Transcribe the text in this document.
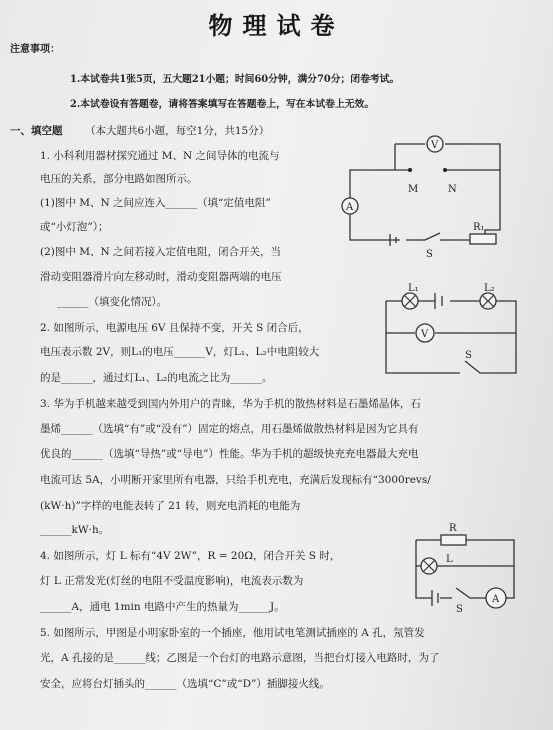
物理试卷
注意事项：
1.本试卷共1张5页，五大题21小题；时间60分钟，满分70分；闭卷考试。
2.本试卷设有答题卷，请将答案填写在答题卷上，写在本试卷上无效。
一、填空题 （本大题共6小题，每空1分，共15分）
1. 小科利用器材探究通过 M、N 之间导体的电流与
电压的关系，部分电路如图所示。
(1)图中 M、N 之间应连入______（填“定值电阻”
或“小灯泡”）；
(2)图中 M、N 之间若接入定值电阻，闭合开关，当
滑动变阻器滑片向左移动时，滑动变阻器两端的电压
______（填变化情况）。
2. 如图所示，电源电压 6V 且保持不变，开关 S 闭合后，
电压表示数 2V，则L₁的电压______V，灯L₁、L₂中电阻较大
的是______，通过灯L₁、L₂的电流之比为______。
3. 华为手机越来越受到国内外用户的青睐，华为手机的散热材料是石墨烯晶体，石
墨烯______（选填“有”或“没有”）固定的熔点，用石墨烯做散热材料是因为它具有
优良的______（选填“导热”或“导电”）性能。华为手机的超级快充充电器最大充电
电流可达 5A，小明断开家里所有电器，只给手机充电，充满后发现标有“3000revs/
(kW·h)”字样的电能表转了 21 转，则充电消耗的电能为
______kW·h。
4. 如图所示，灯 L 标有“4V 2W”，R = 20Ω，闭合开关 S 时，
灯 L 正常发光(灯丝的电阻不受温度影响)，电流表示数为
______A，通电 1min 电路中产生的热量为______J。
5. 如图所示，甲图是小明家卧室的一个插座，他用试电笔测试插座的 A 孔，氖管发
光，A 孔接的是______线；乙图是一个台灯的电路示意图，当把台灯接入电路时，为了
安全，应将台灯插头的______（选填“C”或“D”）插脚接火线。
V
A
M	N
R₁
S
L₁	L₂
V
S
R
L
A
S
